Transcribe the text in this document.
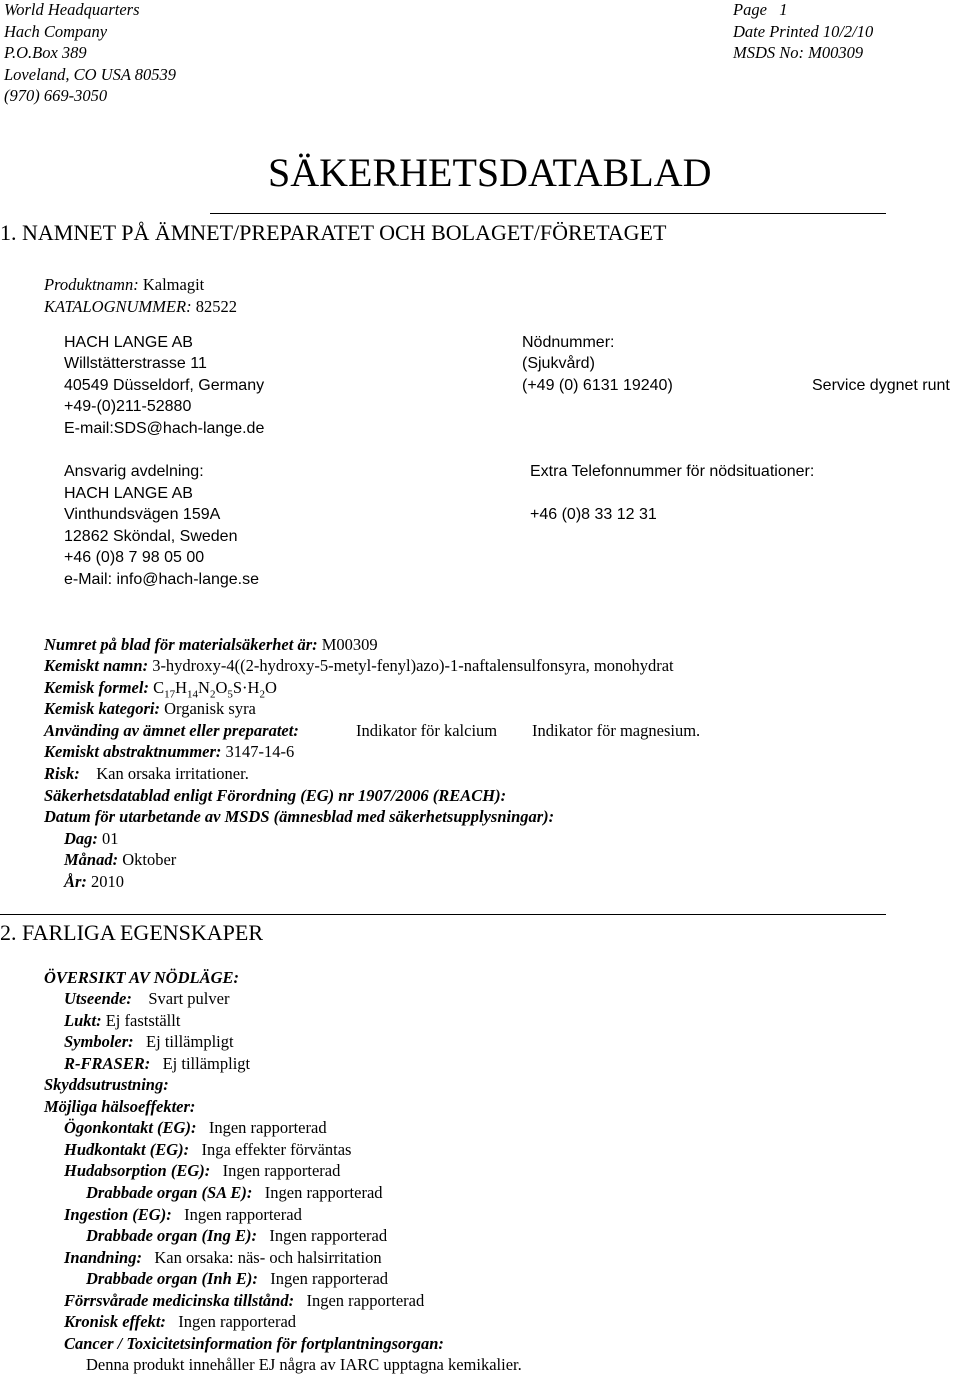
World Headquarters
Hach Company
P.O.Box 389
Loveland, CO USA 80539
(970) 669-3050
Page 1
Date Printed 10/2/10
MSDS No: M00309
SÄKERHETSDATABLAD
1. NAMNET PÅ ÄMNET/PREPARATET OCH BOLAGET/FÖRETAGET
Produktnamn: Kalmagit
KATALOGNUMMER: 82522
HACH LANGE AB
Willstätterstrasse 11
40549 Düsseldorf, Germany
+49-(0)211-52880
E-mail:SDS@hach-lange.de
Nödnummer:
(Sjukvård)
(+49 (0) 6131 19240)	Service dygnet runt
Ansvarig avdelning:
HACH LANGE AB
Vinthundsvägen 159A
12862 Sköndal, Sweden
+46 (0)8 7 98 05 00
e-Mail: info@hach-lange.se
Extra Telefonnummer för nödsituationer:
+46 (0)8 33 12 31
Numret på blad för materialsäkerhet är: M00309
Kemiskt namn: 3-hydroxy-4((2-hydroxy-5-metyl-fenyl)azo)-1-naftalensulfonsyra, monohydrat
Kemisk formel: $C_{17}H_{14}N_2O_5S\cdot H_2O$
Kemisk kategori: Organisk syra
Använding av ämnet eller preparatet:	Indikator för kalcium Indikator för magnesium.
Kemiskt abstraktnummer: 3147-14-6
Risk: Kan orsaka irritationer.
Säkerhetsdatablad enligt Förordning (EG) nr 1907/2006 (REACH):
Datum för utarbetande av MSDS (ämnesblad med säkerhetsupplysningar):
Dag: 01
Månad: Oktober
År: 2010
2. FARLIGA EGENSKAPER
ÖVERSIKT AV NÖDLÄGE:
Utseende: Svart pulver
Lukt: Ej fastställt
Symboler: Ej tillämpligt
R-FRASER: Ej tillämpligt
Skyddsutrustning:
Möjliga hälsoeffekter:
Ögonkontakt (EG): Ingen rapporterad
Hudkontakt (EG): Inga effekter förväntas
Hudabsorption (EG): Ingen rapporterad
Drabbade organ (SA E): Ingen rapporterad
Ingestion (EG): Ingen rapporterad
Drabbade organ (Ing E): Ingen rapporterad
Inandning: Kan orsaka: näs- och halsirritation
Drabbade organ (Inh E): Ingen rapporterad
Förrsvårade medicinska tillstånd: Ingen rapporterad
Kronisk effekt: Ingen rapporterad
Cancer / Toxicitetsinformation för fortplantningsorgan:
Denna produkt innehåller EJ några av IARC upptagna kemikalier.
